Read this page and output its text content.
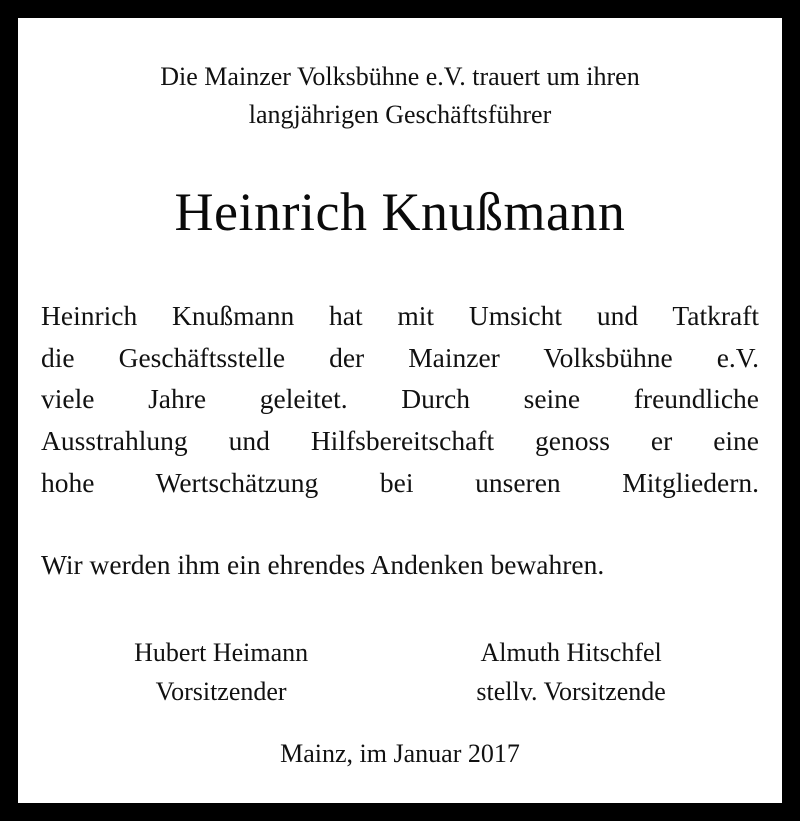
Die Mainzer Volksbühne e.V. trauert um ihren
langjährigen Geschäftsführer
Heinrich Knußmann
Heinrich Knußmann hat mit Umsicht und Tatkraft
die Geschäftsstelle der Mainzer Volksbühne e.V.
viele Jahre geleitet. Durch seine freundliche
Ausstrahlung und Hilfsbereitschaft genoss er eine
hohe Wertschätzung bei unseren Mitgliedern.
Wir werden ihm ein ehrendes Andenken bewahren.
Hubert Heimann
Vorsitzender
Almuth Hitschfel
stellv. Vorsitzende
Mainz, im Januar 2017
